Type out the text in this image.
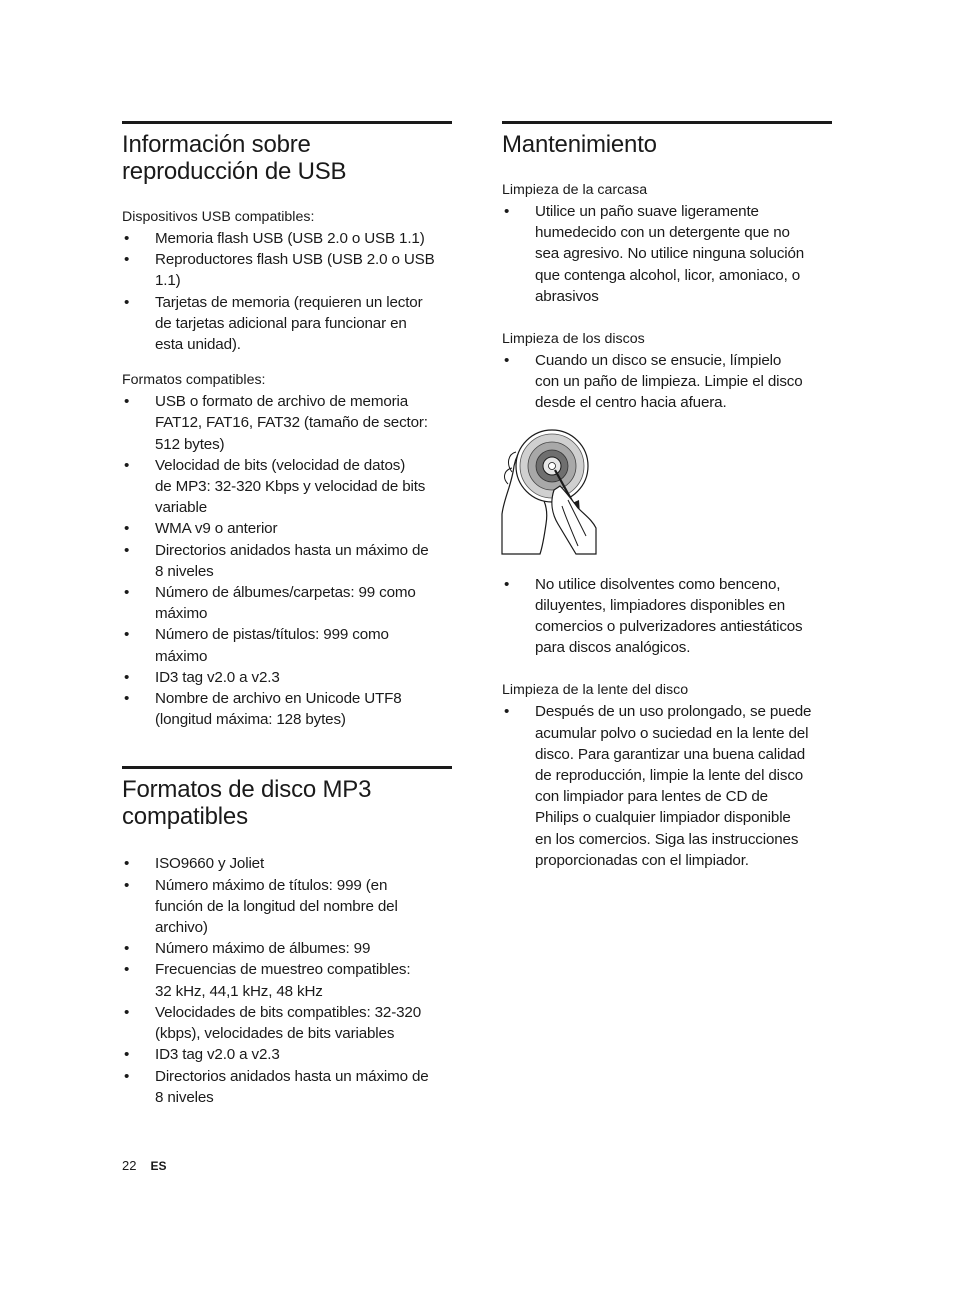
Información sobre
reproducción de USB
Dispositivos USB compatibles:
• Memoria flash USB (USB 2.0 o USB 1.1)
• Reproductores flash USB (USB 2.0 o USB
1.1)
• Tarjetas de memoria (requieren un lector
de tarjetas adicional para funcionar en
esta unidad).
Formatos compatibles:
• USB o formato de archivo de memoria
FAT12, FAT16, FAT32 (tamaño de sector:
512 bytes)
• Velocidad de bits (velocidad de datos)
de MP3: 32-320 Kbps y velocidad de bits
variable
• WMA v9 o anterior
• Directorios anidados hasta un máximo de
8 niveles
• Número de álbumes/carpetas: 99 como
máximo
• Número de pistas/títulos: 999 como
máximo
• ID3 tag v2.0 a v2.3
• Nombre de archivo en Unicode UTF8
(longitud máxima: 128 bytes)
Formatos de disco MP3
compatibles
• ISO9660 y Joliet
• Número máximo de títulos: 999 (en
función de la longitud del nombre del
archivo)
• Número máximo de álbumes: 99
• Frecuencias de muestreo compatibles:
32 kHz, 44,1 kHz, 48 kHz
• Velocidades de bits compatibles: 32-320
(kbps), velocidades de bits variables
• ID3 tag v2.0 a v2.3
• Directorios anidados hasta un máximo de
8 niveles
Mantenimiento
Limpieza de la carcasa
• Utilice un paño suave ligeramente
humedecido con un detergente que no
sea agresivo. No utilice ninguna solución
que contenga alcohol, licor, amoniaco, o
abrasivos
Limpieza de los discos
• Cuando un disco se ensucie, límpielo
con un paño de limpieza. Limpie el disco
desde el centro hacia afuera.
• No utilice disolventes como benceno,
diluyentes, limpiadores disponibles en
comercios o pulverizadores antiestáticos
para discos analógicos.
Limpieza de la lente del disco
• Después de un uso prolongado, se puede
acumular polvo o suciedad en la lente del
disco. Para garantizar una buena calidad
de reproducción, limpie la lente del disco
con limpiador para lentes de CD de
Philips o cualquier limpiador disponible
en los comercios. Siga las instrucciones
proporcionadas con el limpiador.
22 ES
